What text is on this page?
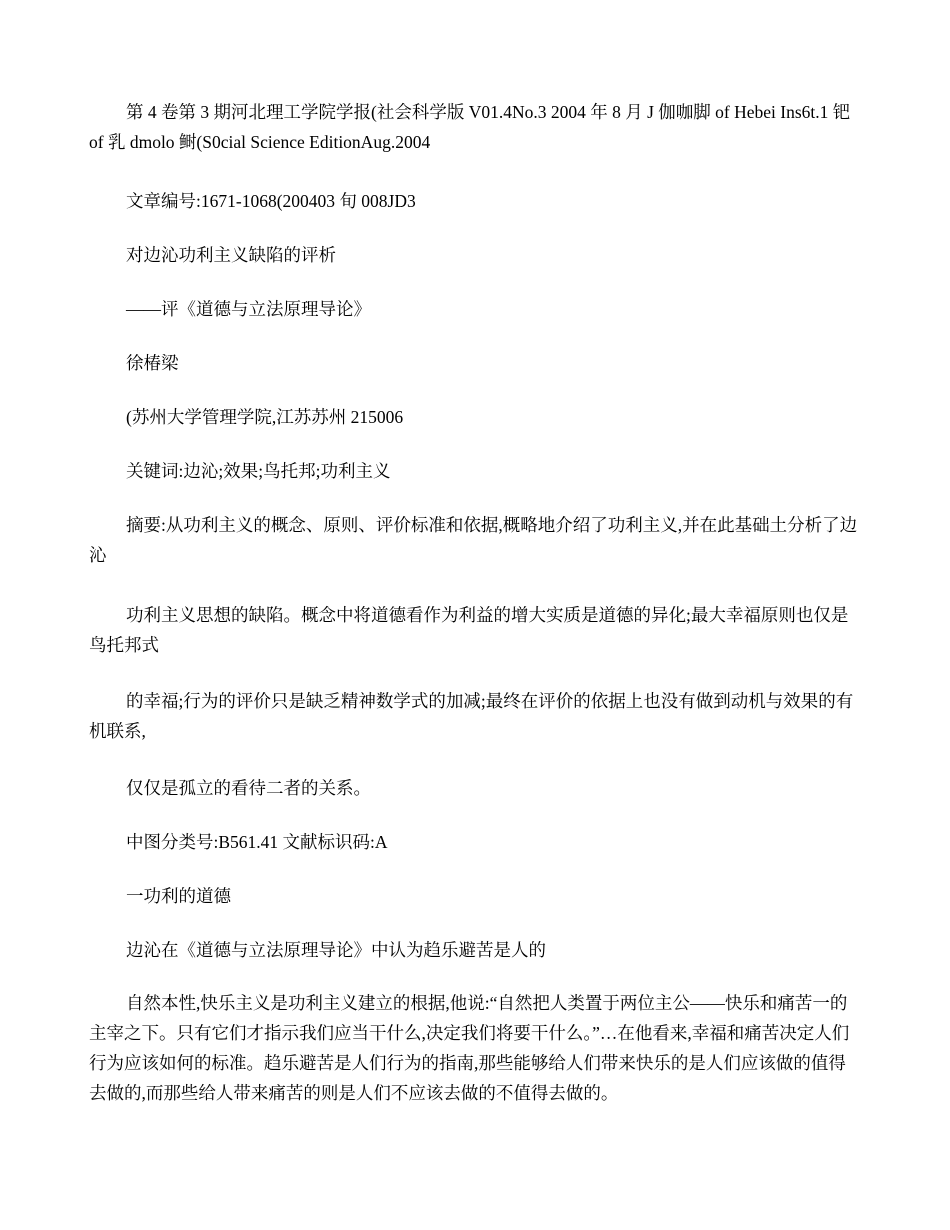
第 4 卷第 3 期河北理工学院学报(社会科学版 V01.4No.3 2004 年 8 月 J 伽咖脚 of Hebei Ins6t.1 钯 of 乳 dmolo 鲥(S0cial Science EditionAug.2004

文章编号:1671-1068(200403 旬 008JD3

对边沁功利主义缺陷的评析

——评《道德与立法原理导论》

徐椿梁

(苏州大学管理学院,江苏苏州 215006

关键词:边沁;效果;鸟托邦;功利主义

摘要:从功利主义的概念、原则、评价标准和依据,概略地介绍了功利主义,并在此基础土分析了边沁

功利主义思想的缺陷。概念中将道德看作为利益的增大实质是道德的异化;最大幸福原则也仅是鸟托邦式

的幸福;行为的评价只是缺乏精神数学式的加减;最终在评价的依据上也没有做到动机与效果的有机联系,

仅仅是孤立的看待二者的关系。

中图分类号:B561.41 文献标识码:A

一功利的道德

边沁在《道德与立法原理导论》中认为趋乐避苦是人的

自然本性,快乐主义是功利主义建立的根据,他说:“自然把人类置于两位主公——快乐和痛苦一的主宰之下。只有它们才指示我们应当干什么,决定我们将要干什么。”…在他看来,幸福和痛苦决定人们行为应该如何的标准。趋乐避苦是人们行为的指南,那些能够给人们带来快乐的是人们应该做的值得去做的,而那些给人带来痛苦的则是人们不应该去做的不值得去做的。
